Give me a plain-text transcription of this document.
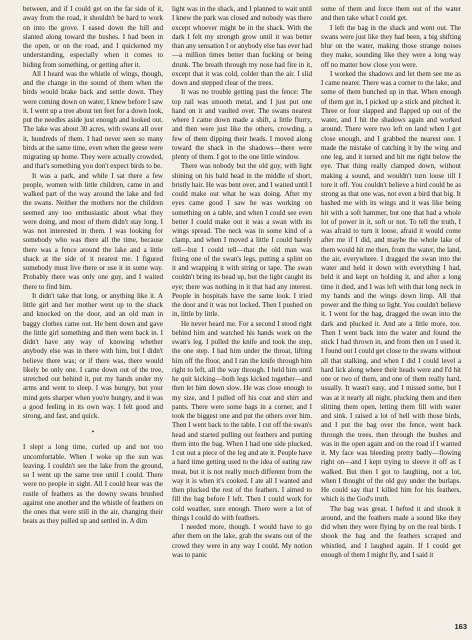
between, and if I could get on the far side of it, away from the road, it shouldn't be hard to work on into the grove. I eased down the hill and slanted along toward the bushes. I had been in the open, or on the road, and I quickened my understanding, especially when it comes to hiding from something, or getting after it.

All I heard was the whistle of wings, though, and the change in the sound of them when the birds would brake back and settle down. They were coming down on water, I knew before I saw it. I went up a tree about ten feet for a down look, put the needles aside just enough and looked out. The lake was about 30 acres, with swans all over it, hundreds of them. I had never seen so many birds at the same time, even when the geese were migrating up home. They were actually crowded, and that's something you don't expect birds to be.

It was a park, and while I sat there a few people, women with little children, came in and walked part of the way around the lake and fed the swans. Neither the mothers nor the children seemed any too enthusiastic about what they were doing, and most of them didn't stay long. I was not interested in them. I was looking for somebody who was there all the time, because there was a fence around the lake and a little shack at the side of it nearest me. I figured somebody must live there or use it in some way. Probably there was only one guy, and I waited there to find him.

It didn't take that long, or anything like it. A little girl and her mother went up to the shack and knocked on the door, and an old man in baggy clothes came out. He bent down and gave the little girl something and then went back in. I didn't have any way of knowing whether anybody else was in there with him, but I didn't believe there was; or if there was, there would likely be only one. I came down out of the tree, stretched out behind it, put my hands under my arms and went to sleep. I was hungry, but your mind gets sharper when you're hungry, and it was a good feeling in its own way. I felt good and strong, and fast, and quick.

•

I slept a long time, curled up and not too uncomfortable. When I woke up the sun was leaving. I couldn't see the lake from the ground, so I went up the same tree until I could. There were no people in sight. All I could hear was the rustle of feathers as the downy swans brushed against one another and the whistle of feathers on the ones that were still in the air, changing their beats as they pulled up and settled in. A dim

light was in the shack, and I planned to wait until I knew the park was closed and nobody was there except whoever might be in the shack. With the dark I felt my strength grow until it was better than any sensation I or anybody else has ever had—a million times better than fucking or being drunk. The breath through my nose had fire in it, except that it was cold, colder than the air. I slid down and stepped clear of the trees.

It was no trouble getting past the fence: The top rail was smooth metal, and I just put one hand on it and vaulted over. The swans nearest where I came down made a shift, a little flurry, and then were just like the others, crowding, a few of them dipping their heads. I moved along toward the shack in the shadows—there were plenty of them. I got to the one little window.

There was nobody but the old guy, with light shining on his bald head in the middle of short, bristly hair. He was bent over, and I waited until I could make out what he was doing. After my eyes came good I saw he was working on something on a table, and when I could see even better I could make out it was a swan with its wings spread. The neck was in some kind of a clamp, and when I moved a little I could barely tell—but I could tell—that the old man was fixing one of the swan's legs, putting a splint on it and wrapping it with string or tape. The swan couldn't bring its head up, but the light caught its eye; there was nothing in it that had any interest. People in hospitals have the same look. I tried the door and it was not locked. Then I pushed on in, little by little.

He never heard me. For a second I stood right behind him and watched his hands work on the swan's leg. I pulled the knife and took the step, the one step. I had him under the throat, lifting him off the floor, and I ran the knife through him right to left, all the way through. I held him until he quit kicking—both legs kicked together—and then let him down slow. He was close enough to my size, and I pulled off his coat and shirt and pants. There were some bags in a corner, and I took the biggest one and put the others over him. Then I went back to the table. I cut off the swan's head and started pulling out feathers and putting them into the bag. When I had one side plucked, I cut out a piece of the leg and ate it. People have a hard time getting used to the idea of eating raw meat, but it is not really much different from the way it is when it's cooked. I ate all I wanted and then plucked the rest of the feathers. I aimed to fill the bag before I left. Then I could work for cold weather, sure enough. There were a lot of things I could do with feathers.

I needed more, though. I would have to go after them on the lake, grab the swans out of the crowd they were in any way I could. My notion was to panic

some of them and force them out of the water and then take what I could get.

I left the bag in the shack and went out. The swans were just like they had been, a big shifting blur on the water, making those strange noises they make, sounding like they were a long way off no matter how close you were.

I worked the shadows and let them see me as I came nearer. There was a corner to the lake, and some of them bunched up in that. When enough of them got in, I picked up a stick and pitched it. Three or four slapped and flapped up out of the water, and I hit the shadows again and worked around. There were two left on land when I got close enough, and I grabbed the nearest one. I made the mistake of catching it by the wing and one leg, and it turned and hit me right below the eye. That thing really clamped down, without making a sound, and wouldn't turn loose till I tore it off. You couldn't believe a bird could be as strong as that one was, not even a bird that big. It bashed me with its wings and it was like being hit with a soft hammer, but one that had a whole lot of power in it, soft or not. To tell the truth, I was afraid to turn it loose, afraid it would come after me if I did, and maybe the whole lake of them would hit me then, from the water, the land, the air, everywhere. I dragged the swan into the water and held it down with everything I had, held it and kept on holding it, and after a long time it died, and I was left with that long neck in my hands and the wings down limp. All that power and the thing so light. You couldn't believe it. I went for the bag, dragged the swan into the dark and plucked it. And ate a little more, too. Then I went back into the water and found the stick I had thrown in, and from then on I used it. I found out I could get close to the swans without all that stalking, and when I did I could level a hard lick along where their heads were and I'd hit one or two of them, and one of them really hard, usually. It wasn't easy, and I missed some, but I was at it nearly all night, plucking them and then slitting them open, letting them fill with water and sink. I raised a lot of hell with those birds, and I put the bag over the fence, went back through the trees, then through the bushes and was in the open again and on the road if I wanted it. My face was bleeding pretty badly—flowing right on—and I kept trying to sleeve it off as I walked. But then I got to laughing, not a lot, when I thought of the old guy under the burlaps. He could say that I killed him for his feathers, which is the God's truth.

The bag was great. I hefted it and shook it around, and the feathers made a sound like they did when they were flying by on the real birds. I shook the bag and the feathers scraped and whistled, and I laughed again. If I could get enough of them I might fly, and I said it

163
